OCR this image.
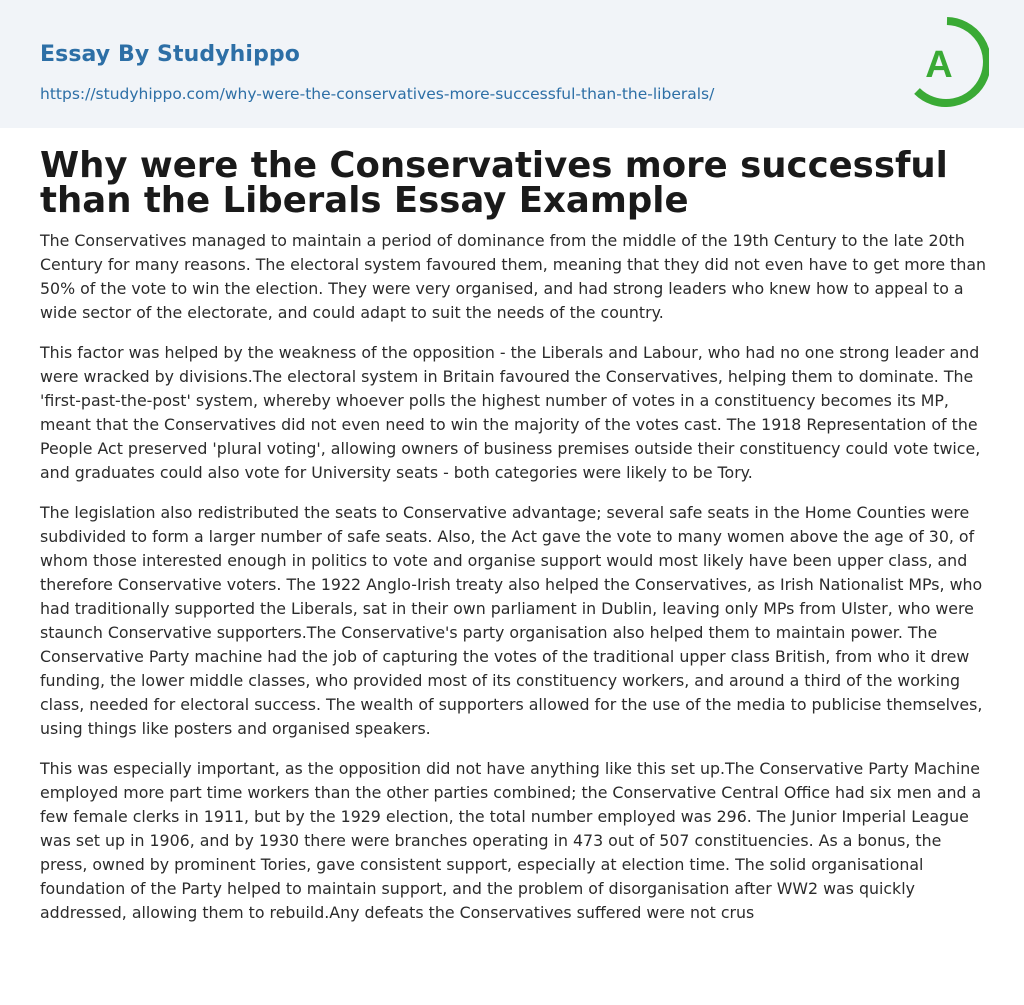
Essay By Studyhippo
https://studyhippo.com/why-were-the-conservatives-more-successful-than-the-liberals/
A
Why were the Conservatives more successful than the Liberals Essay Example

The Conservatives managed to maintain a period of dominance from the middle of the 19th Century to the late 20th Century for many reasons. The electoral system favoured them, meaning that they did not even have to get more than 50% of the vote to win the election. They were very organised, and had strong leaders who knew how to appeal to a wide sector of the electorate, and could adapt to suit the needs of the country.

This factor was helped by the weakness of the opposition - the Liberals and Labour, who had no one strong leader and were wracked by divisions.The electoral system in Britain favoured the Conservatives, helping them to dominate. The 'first-past-the-post' system, whereby whoever polls the highest number of votes in a constituency becomes its MP, meant that the Conservatives did not even need to win the majority of the votes cast. The 1918 Representation of the People Act preserved 'plural voting', allowing owners of business premises outside their constituency could vote twice, and graduates could also vote for University seats - both categories were likely to be Tory.

The legislation also redistributed the seats to Conservative advantage; several safe seats in the Home Counties were subdivided to form a larger number of safe seats. Also, the Act gave the vote to many women above the age of 30, of whom those interested enough in politics to vote and organise support would most likely have been upper class, and therefore Conservative voters. The 1922 Anglo-Irish treaty also helped the Conservatives, as Irish Nationalist MPs, who had traditionally supported the Liberals, sat in their own parliament in Dublin, leaving only MPs from Ulster, who were staunch Conservative supporters.The Conservative's party organisation also helped them to maintain power. The Conservative Party machine had the job of capturing the votes of the traditional upper class British, from who it drew funding, the lower middle classes, who provided most of its constituency workers, and around a third of the working class, needed for electoral success. The wealth of supporters allowed for the use of the media to publicise themselves, using things like posters and organised speakers.

This was especially important, as the opposition did not have anything like this set up.The Conservative Party Machine employed more part time workers than the other parties combined; the Conservative Central Office had six men and a few female clerks in 1911, but by the 1929 election, the total number employed was 296. The Junior Imperial League was set up in 1906, and by 1930 there were branches operating in 473 out of 507 constituencies. As a bonus, the press, owned by prominent Tories, gave consistent support, especially at election time. The solid organisational foundation of the Party helped to maintain support, and the problem of disorganisation after WW2 was quickly addressed, allowing them to rebuild.Any defeats the Conservatives suffered were not crus
